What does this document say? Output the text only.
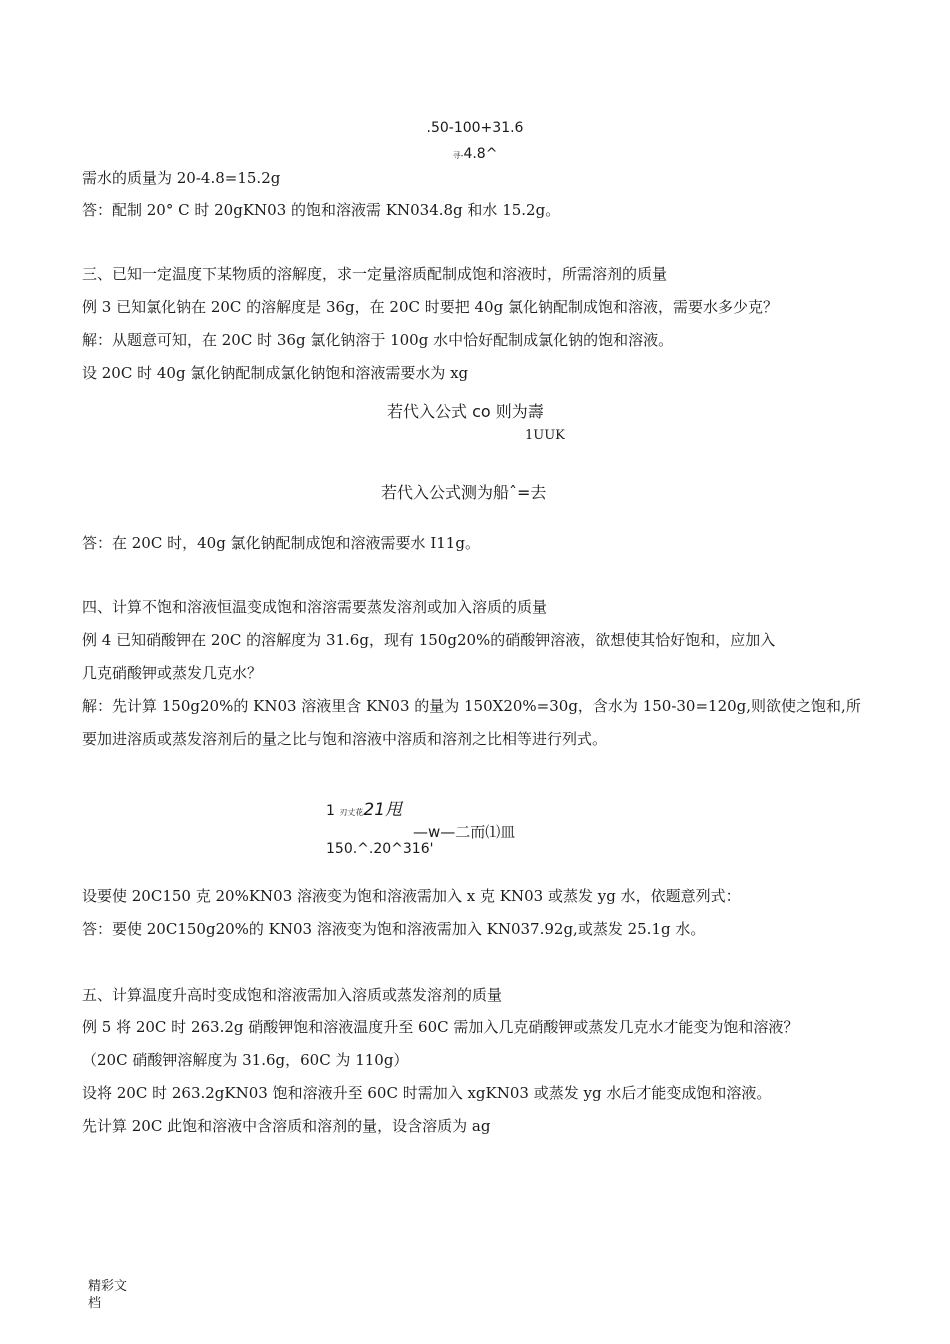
.50-100+31.6
寻-4.8^
需水的质量为 20-4.8=15.2g
答：配制 20° C 时 20gKN03 的饱和溶液需 KN034.8g 和水 15.2g。
三、已知一定温度下某物质的溶解度，求一定量溶质配制成饱和溶液时，所需溶剂的质量
例 3 已知氯化钠在 20C 的溶解度是 36g，在 20C 时要把 40g 氯化钠配制成饱和溶液，需要水多少克？
解：从题意可知，在 20C 时 36g 氯化钠溶于 100g 水中恰好配制成氯化钠的饱和溶液。
设 20C 时 40g 氯化钠配制成氯化钠饱和溶液需要水为 xg
若代入公式 co 则为壽
1UUK
若代入公式测为船ˆ=去
答：在 20C 时，40g 氯化钠配制成饱和溶液需要水 I11g。
四、计算不饱和溶液恒温变成饱和溶溶需要蒸发溶剂或加入溶质的质量
例 4 已知硝酸钾在 20C 的溶解度为 31.6g，现有 150g20%的硝酸钾溶液，欲想使其恰好饱和，应加入
几克硝酸钾或蒸发几克水？
解：先计算 150g20%的 KN03 溶液里含 KN03 的量为 150X20%=30g，含水为 150-30=120g,则欲使之饱和,所
要加进溶质或蒸发溶剂后的量之比与饱和溶液中溶质和溶剂之比相等进行列式。
1 刃丈花21甩
—w—二而⑴皿
150.^.20^316'
设要使 20C150 克 20%KN03 溶液变为饱和溶液需加入 x 克 KN03 或蒸发 yg 水，依题意列式：
答：要使 20C150g20%的 KN03 溶液变为饱和溶液需加入 KN037.92g,或蒸发 25.1g 水。
五、计算温度升高时变成饱和溶液需加入溶质或蒸发溶剂的质量
例 5 将 20C 时 263.2g 硝酸钾饱和溶液温度升至 60C 需加入几克硝酸钾或蒸发几克水才能变为饱和溶液？
（20C 硝酸钾溶解度为 31.6g，60C 为 110g）
设将 20C 时 263.2gKN03 饱和溶液升至 60C 时需加入 xgKN03 或蒸发 yg 水后才能变成饱和溶液。
先计算 20C 此饱和溶液中含溶质和溶剂的量，设含溶质为 ag
精彩文
档
